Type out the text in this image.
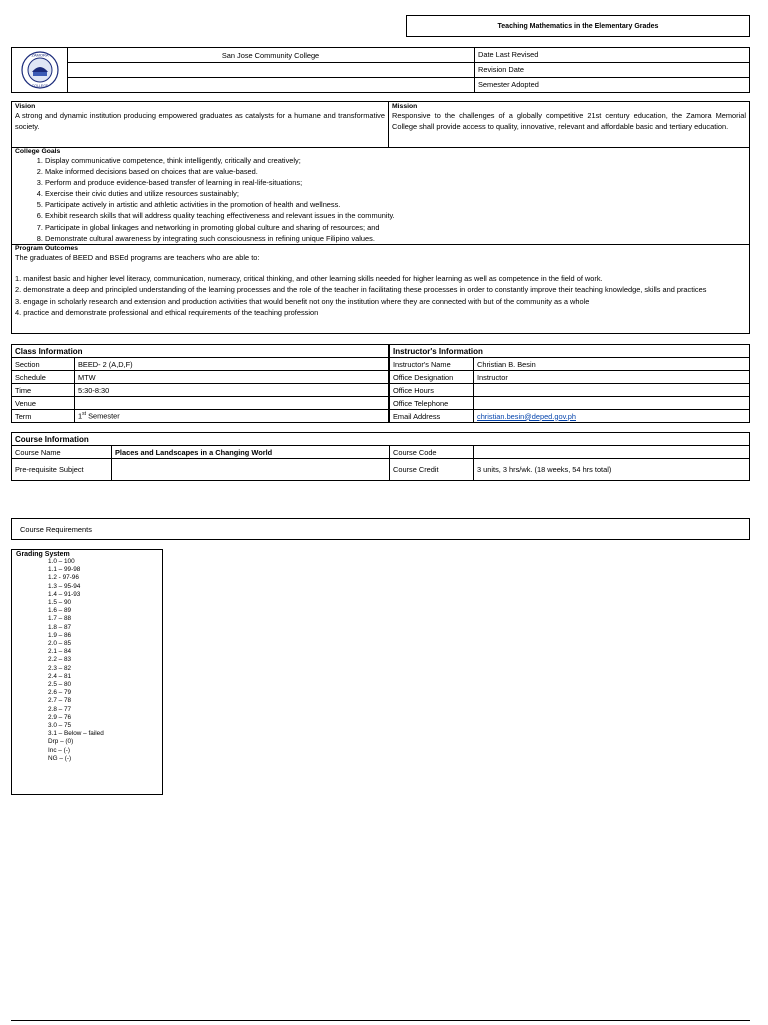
Teaching Mathematics in the Elementary Grades
ZAMORA
COLLEGE
San Jose Community College	Date Last Revised
Revision Date
Semester Adopted
Vision
A strong and dynamic institution producing empowered graduates as catalysts for a humane and transformative society.
Mission
Responsive to the challenges of a globally competitive 21st century education, the Zamora Memorial College shall provide access to quality, innovative, relevant and affordable basic and tertiary education.
College Goals
1. Display communicative competence, think intelligently, critically and creatively;
2. Make informed decisions based on choices that are value-based.
3. Perform and produce evidence-based transfer of learning in real-life-situations;
4. Exercise their civic duties and utilize resources sustainably;
5. Participate actively in artistic and athletic activities in the promotion of health and wellness.
6. Exhibit research skills that will address quality teaching effectiveness and relevant issues in the community.
7. Participate in global linkages and networking in promoting global culture and sharing of resources; and
8. Demonstrate cultural awareness by integrating such consciousness in refining unique Filipino values.
Program Outcomes
The graduates of BEED and BSEd programs are teachers who are able to:
1. manifest basic and higher level literacy, communication, numeracy, critical thinking, and other learning skills needed for higher learning as well as competence in the field of work.
2. demonstrate a deep and principled understanding of the learning processes and the role of the teacher in facilitating these processes in order to constantly improve their teaching knowledge, skills and practices
3. engage in scholarly research and extension and production activities that would benefit not ony the institution where they are connected with but of the community as a whole
4. practice and demonstrate professional and ethical requirements of the teaching profession
Class Information	
Section	BEED- 2 (A,D,F)
Schedule	MTW
Time	5:30-8:30
Venue	
Term	1st Semester
Instructor's Information	
Instructor's Name	Christian B. Besin
Office Designation	Instructor
Office Hours	
Office Telephone	
Email Address	christian.besin@deped.gov.ph
Course Information			
Course Name	Places and Landscapes in a Changing World	Course Code	
Pre-requisite Subject		Course Credit	3 units, 3 hrs/wk. (18 weeks, 54 hrs total)
Course Requirements
Grading System
1.0 – 100
1.1 – 99-98
1.2 - 97-96
1.3 – 95-94
1.4 – 91-93
1.5 – 90
1.6 – 89
1.7 – 88
1.8 – 87
1.9 – 86
2.0 – 85
2.1 – 84
2.2 – 83
2.3 – 82
2.4 – 81
2.5 – 80
2.6 – 79
2.7 – 78
2.8 – 77
2.9 – 76
3.0 – 75
3.1 – Below – failed
Drp – (0)
Inc – (-)
NG – (-)
